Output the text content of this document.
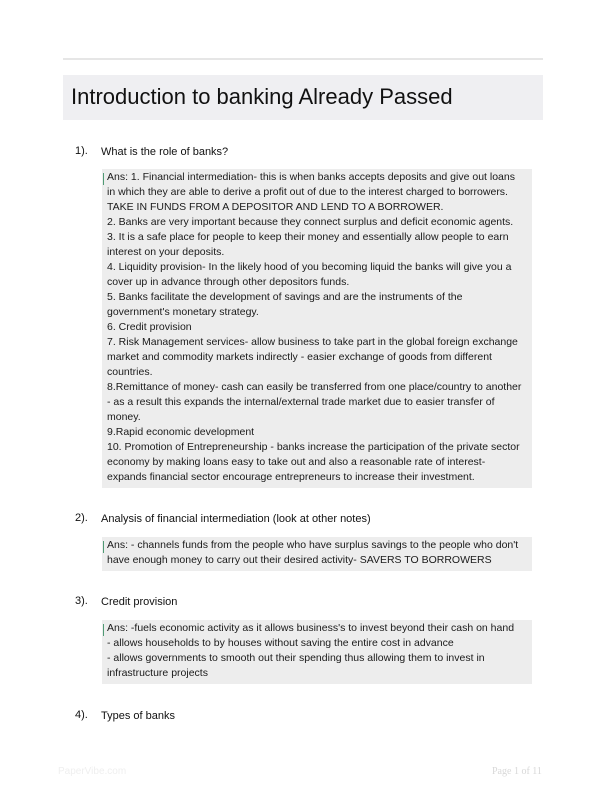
Introduction to banking Already Passed
1). What is the role of banks?
Ans: 1. Financial intermediation- this is when banks accepts deposits and give out loans
in which they are able to derive a profit out of due to the interest charged to borrowers.
TAKE IN FUNDS FROM A DEPOSITOR AND LEND TO A BORROWER.
2. Banks are very important because they connect surplus and deficit economic agents.
3. It is a safe place for people to keep their money and essentially allow people to earn
interest on your deposits.
4. Liquidity provision- In the likely hood of you becoming liquid the banks will give you a
cover up in advance through other depositors funds.
5. Banks facilitate the development of savings and are the instruments of the
government's monetary strategy.
6. Credit provision
7. Risk Management services- allow business to take part in the global foreign exchange
market and commodity markets indirectly - easier exchange of goods from different
countries.
8.Remittance of money- cash can easily be transferred from one place/country to another
- as a result this expands the internal/external trade market due to easier transfer of
money.
9.Rapid economic development
10. Promotion of Entrepreneurship - banks increase the participation of the private sector
economy by making loans easy to take out and also a reasonable rate of interest-
expands financial sector encourage entrepreneurs to increase their investment.
2). Analysis of financial intermediation (look at other notes)
Ans: - channels funds from the people who have surplus savings to the people who don't
have enough money to carry out their desired activity- SAVERS TO BORROWERS
3). Credit provision
Ans: -fuels economic activity as it allows business's to invest beyond their cash on hand
- allows households to by houses without saving the entire cost in advance
- allows governments to smooth out their spending thus allowing them to invest in
infrastructure projects
4). Types of banks
PaperVibe.com	Page 1 of 11
